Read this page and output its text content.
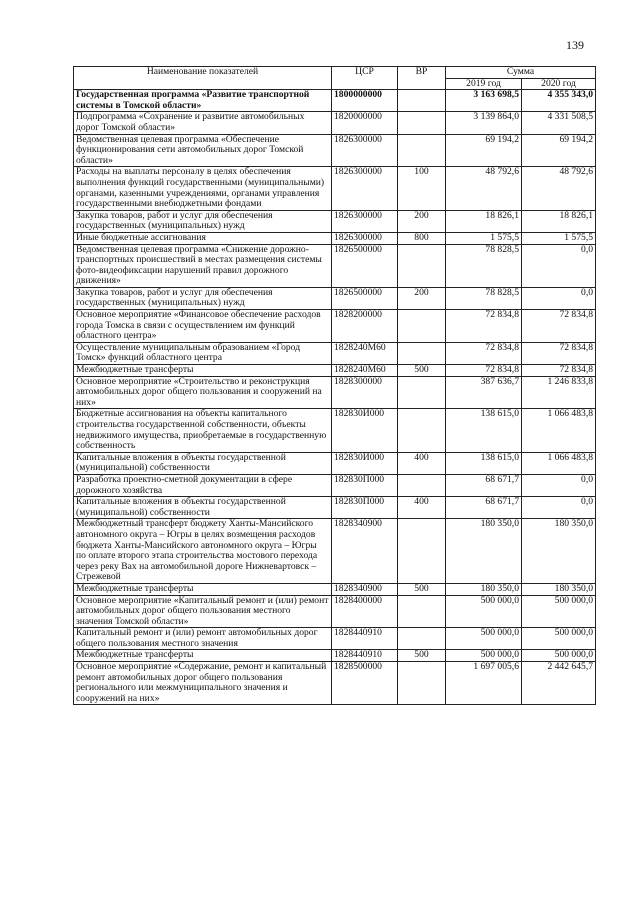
139
Наименование показателей	ЦСР	ВР	Сумма	
			2019 год	2020 год
Государственная программа «Развитие транспортной системы в Томской области»	1800000000		3 163 698,5	4 355 343,0
Подпрограмма «Сохранение и развитие автомобильных дорог Томской области»	1820000000		3 139 864,0	4 331 508,5
Ведомственная целевая программа «Обеспечение функционирования сети автомобильных дорог Томской области»	1826300000		69 194,2	69 194,2
Расходы на выплаты персоналу в целях обеспечения выполнения функций государственными (муниципальными) органами, казенными учреждениями, органами управления государственными внебюджетными фондами	1826300000	100	48 792,6	48 792,6
Закупка товаров, работ и услуг для обеспечения государственных (муниципальных) нужд	1826300000	200	18 826,1	18 826,1
Иные бюджетные ассигнования	1826300000	800	1 575,5	1 575,5
Ведомственная целевая программа «Снижение дорожно-транспортных происшествий в местах размещения системы фото-видеофиксации нарушений правил дорожного движения»	1826500000		78 828,5	0,0
Закупка товаров, работ и услуг для обеспечения государственных (муниципальных) нужд	1826500000	200	78 828,5	0,0
Основное мероприятие «Финансовое обеспечение расходов города Томска в связи с осуществлением им функций областного центра»	1828200000		72 834,8	72 834,8
Осуществление муниципальным образованием «Город Томск» функций областного центра	1828240М60		72 834,8	72 834,8
Межбюджетные трансферты	1828240М60	500	72 834,8	72 834,8
Основное мероприятие «Строительство и реконструкция автомобильных дорог общего пользования и сооружений на них»	1828300000		387 636,7	1 246 833,8
Бюджетные ассигнования на объекты капитального строительства государственной собственности, объекты недвижимого имущества, приобретаемые в государственную собственность	182830И000		138 615,0	1 066 483,8
Капитальные вложения в объекты государственной (муниципальной) собственности	182830И000	400	138 615,0	1 066 483,8
Разработка проектно-сметной документации в сфере дорожного хозяйства	182830П000		68 671,7	0,0
Капитальные вложения в объекты государственной (муниципальной) собственности	182830П000	400	68 671,7	0,0
Межбюджетный трансферт бюджету Ханты-Мансийского автономного округа – Югры в целях возмещения расходов бюджета Ханты-Мансийского автономного округа – Югры по оплате второго этапа строительства мостового перехода через реку Вах на автомобильной дороге Нижневартовск – Стрежевой	1828340900		180 350,0	180 350,0
Межбюджетные трансферты	1828340900	500	180 350,0	180 350,0
Основное мероприятие «Капитальный ремонт и (или) ремонт автомобильных дорог общего пользования местного значения Томской области»	1828400000		500 000,0	500 000,0
Капитальный ремонт и (или) ремонт автомобильных дорог общего пользования местного значения	1828440910		500 000,0	500 000,0
Межбюджетные трансферты	1828440910	500	500 000,0	500 000,0
Основное мероприятие «Содержание, ремонт и капитальный ремонт автомобильных дорог общего пользования регионального или межмуниципального значения и сооружений на них»	1828500000		1 697 005,6	2 442 645,7
